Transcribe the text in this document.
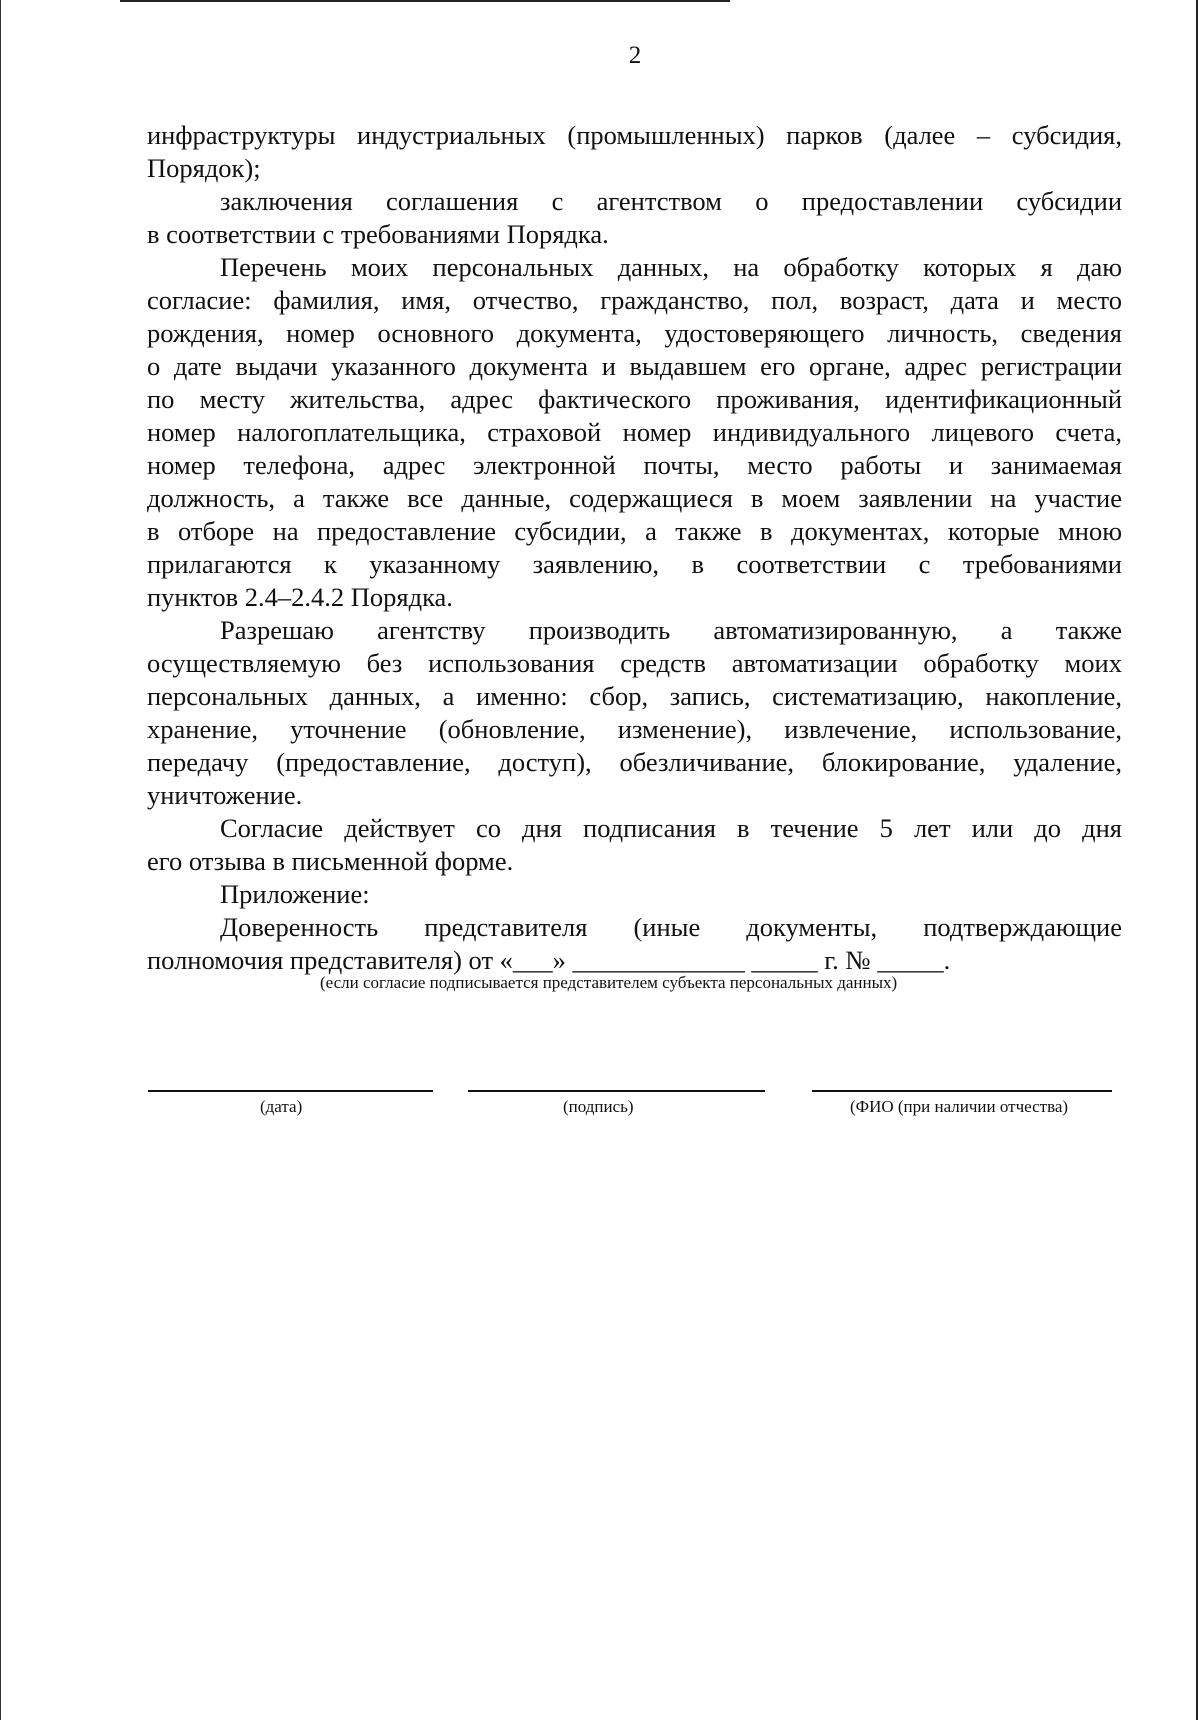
2
инфраструктуры индустриальных (промышленных) парков (далее – субсидия,
Порядок);
заключения соглашения с агентством о предоставлении субсидии
в соответствии с требованиями Порядка.
Перечень моих персональных данных, на обработку которых я даю
согласие: фамилия, имя, отчество, гражданство, пол, возраст, дата и место
рождения, номер основного документа, удостоверяющего личность, сведения
о дате выдачи указанного документа и выдавшем его органе, адрес регистрации
по месту жительства, адрес фактического проживания, идентификационный
номер налогоплательщика, страховой номер индивидуального лицевого счета,
номер телефона, адрес электронной почты, место работы и занимаемая
должность, а также все данные, содержащиеся в моем заявлении на участие
в отборе на предоставление субсидии, а также в документах, которые мною
прилагаются к указанному заявлению, в соответствии с требованиями
пунктов 2.4–2.4.2 Порядка.
Разрешаю агентству производить автоматизированную, а также
осуществляемую без использования средств автоматизации обработку моих
персональных данных, а именно: сбор, запись, систематизацию, накопление,
хранение, уточнение (обновление, изменение), извлечение, использование,
передачу (предоставление, доступ), обезличивание, блокирование, удаление,
уничтожение.
Согласие действует со дня подписания в течение 5 лет или до дня
его отзыва в письменной форме.
Приложение:
Доверенность представителя (иные документы, подтверждающие
полномочия представителя) от «___» _____________ _____ г. № _____.
(если согласие подписывается представителем субъекта персональных данных)
(дата)	(подпись)	(ФИО (при наличии отчества)
